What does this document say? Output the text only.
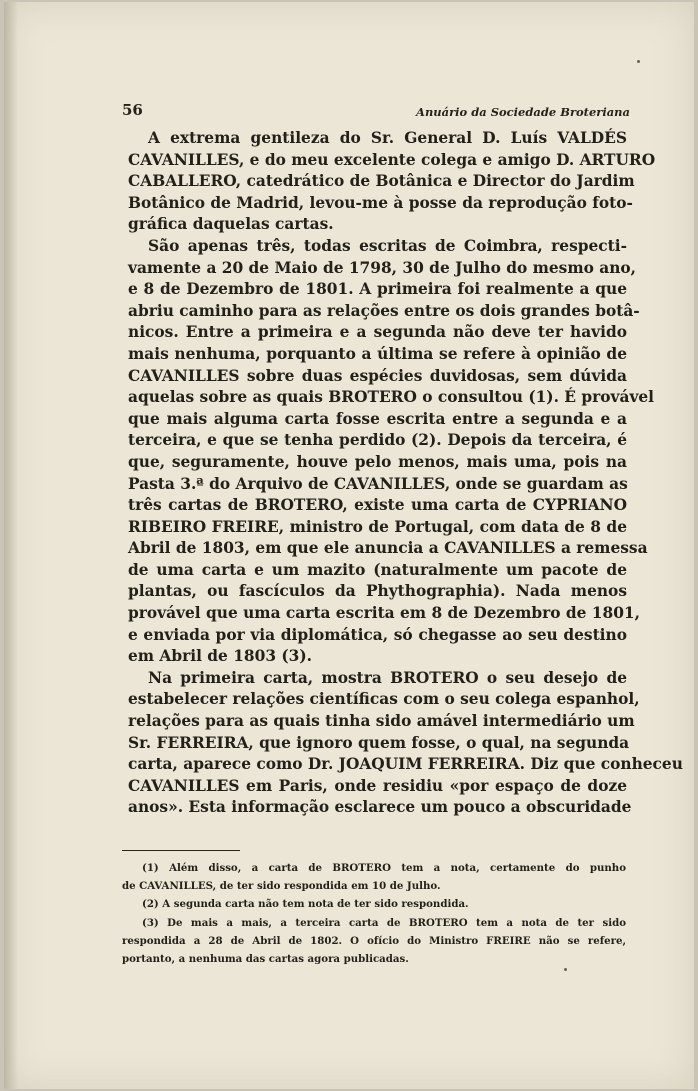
56	Anuário da Sociedade Broteriana
A extrema gentileza do Sr. General D. Luís VALDÉS
CAVANILLES, e do meu excelente colega e amigo D. ARTURO
CABALLERO, catedrático de Botânica e Director do Jardim
Botânico de Madrid, levou-me à posse da reprodução foto-
gráfica daquelas cartas.
São apenas três, todas escritas de Coimbra, respecti-
vamente a 20 de Maio de 1798, 30 de Julho do mesmo ano,
e 8 de Dezembro de 1801. A primeira foi realmente a que
abriu caminho para as relações entre os dois grandes botâ-
nicos. Entre a primeira e a segunda não deve ter havido
mais nenhuma, porquanto a última se refere à opinião de
CAVANILLES sobre duas espécies duvidosas, sem dúvida
aquelas sobre as quais BROTERO o consultou (1). É provável
que mais alguma carta fosse escrita entre a segunda e a
terceira, e que se tenha perdido (2). Depois da terceira, é
que, seguramente, houve pelo menos, mais uma, pois na
Pasta 3.ª do Arquivo de CAVANILLES, onde se guardam as
três cartas de BROTERO, existe uma carta de CYPRIANO
RIBEIRO FREIRE, ministro de Portugal, com data de 8 de
Abril de 1803, em que ele anuncia a CAVANILLES a remessa
de uma carta e um mazito (naturalmente um pacote de
plantas, ou fascículos da Phythographia). Nada menos
provável que uma carta escrita em 8 de Dezembro de 1801,
e enviada por via diplomática, só chegasse ao seu destino
em Abril de 1803 (3).
Na primeira carta, mostra BROTERO o seu desejo de
estabelecer relações científicas com o seu colega espanhol,
relações para as quais tinha sido amável intermediário um
Sr. FERREIRA, que ignoro quem fosse, o qual, na segunda
carta, aparece como Dr. JOAQUIM FERREIRA. Diz que conheceu
CAVANILLES em Paris, onde residiu «por espaço de doze
anos». Esta informação esclarece um pouco a obscuridade
(1) Além disso, a carta de BROTERO tem a nota, certamente do punho
de CAVANILLES, de ter sido respondida em 10 de Julho.
(2) A segunda carta não tem nota de ter sido respondida.
(3) De mais a mais, a terceira carta de BROTERO tem a nota de ter sido
respondida a 28 de Abril de 1802. O ofício do Ministro FREIRE não se refere,
portanto, a nenhuma das cartas agora publicadas.
